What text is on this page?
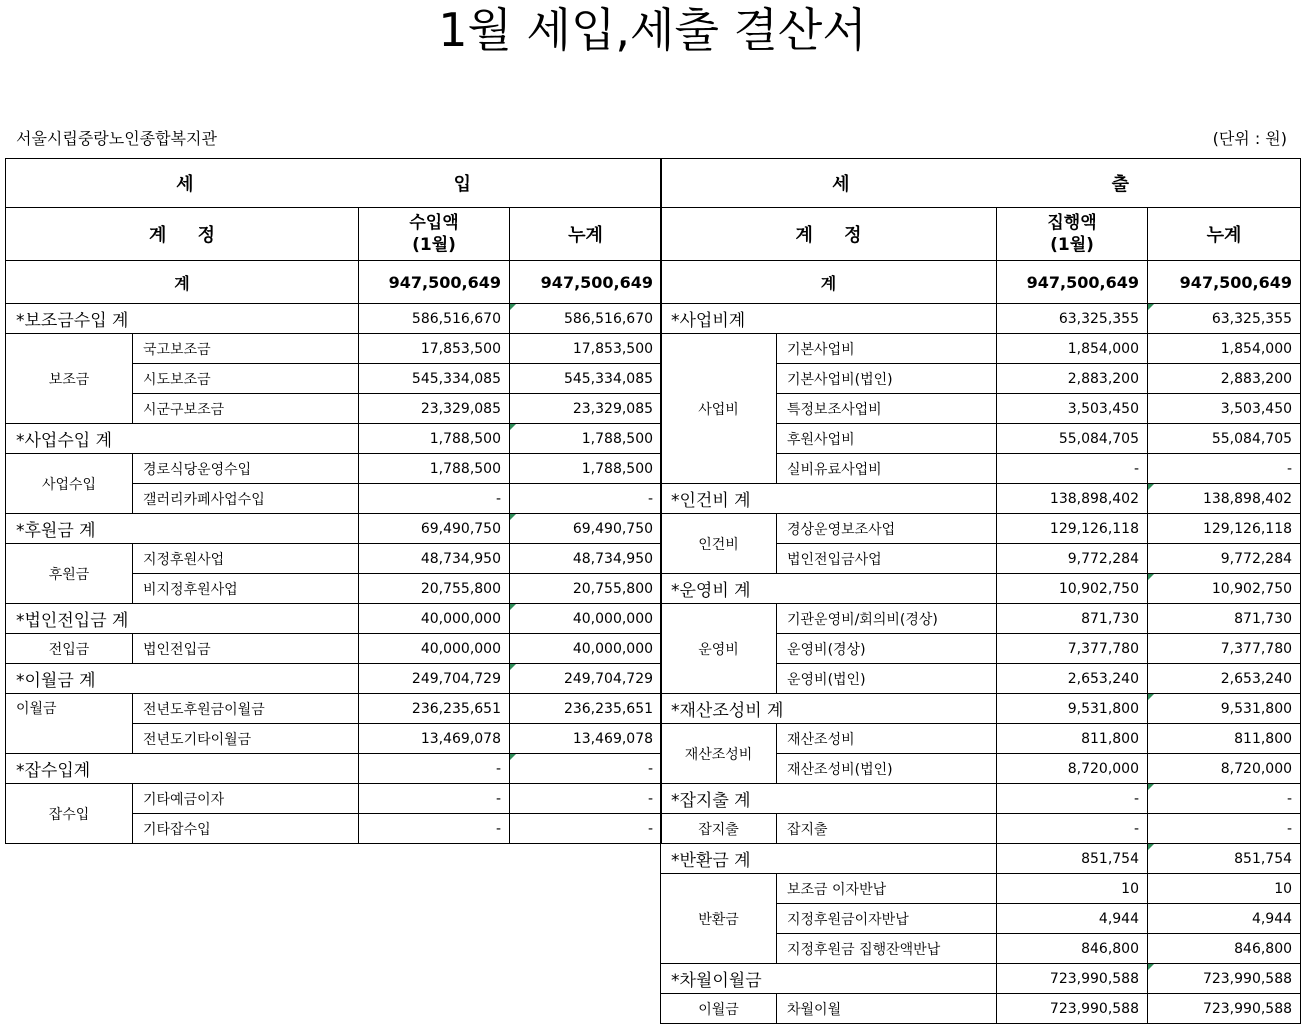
1월 세입,세출 결산서
서울시립중랑노인종합복지관	(단위 : 원)
세 입			

계     정		수입액
(1월)	누계
계		947,500,649	947,500,649
*보조금수입 계		586,516,670	586,516,670
보조금	국고보조금	17,853,500	17,853,500
	시도보조금	545,334,085	545,334,085
	시군구보조금	23,329,085	23,329,085
*사업수입 계		1,788,500	1,788,500
사업수입	경로식당운영수입	1,788,500	1,788,500
	갤러리카페사업수입	-	-
*후원금 계		69,490,750	69,490,750
후원금	지정후원사업	48,734,950	48,734,950
	비지정후원사업	20,755,800	20,755,800
*법인전입금 계		40,000,000	40,000,000
전입금	법인전입금	40,000,000	40,000,000
*이월금 계		249,704,729	249,704,729
이월금	전년도후원금이월금	236,235,651	236,235,651
	전년도기타이월금	13,469,078	13,469,078
*잡수입계		-	-
잡수입	기타예금이자	-	-
	기타잡수입	-	-
세 출			

계     정		집행액
(1월)	누계
계		947,500,649	947,500,649
*사업비계		63,325,355	63,325,355
사업비	기본사업비	1,854,000	1,854,000
	기본사업비(법인)	2,883,200	2,883,200
	특정보조사업비	3,503,450	3,503,450
	후원사업비	55,084,705	55,084,705
	실비유료사업비	-	-
*인건비 계		138,898,402	138,898,402
인건비	경상운영보조사업	129,126,118	129,126,118
	법인전입금사업	9,772,284	9,772,284
*운영비 계		10,902,750	10,902,750
운영비	기관운영비/회의비(경상)	871,730	871,730
	운영비(경상)	7,377,780	7,377,780
	운영비(법인)	2,653,240	2,653,240
*재산조성비 계		9,531,800	9,531,800
재산조성비	재산조성비	811,800	811,800
	재산조성비(법인)	8,720,000	8,720,000
*잡지출 계		-	-
잡지출	잡지출	-	-
*반환금 계		851,754	851,754
반환금	보조금 이자반납	10	10
	지정후원금이자반납	4,944	4,944
	지정후원금 집행잔액반납	846,800	846,800
*차월이월금		723,990,588	723,990,588
이월금	차월이월	723,990,588	723,990,588
